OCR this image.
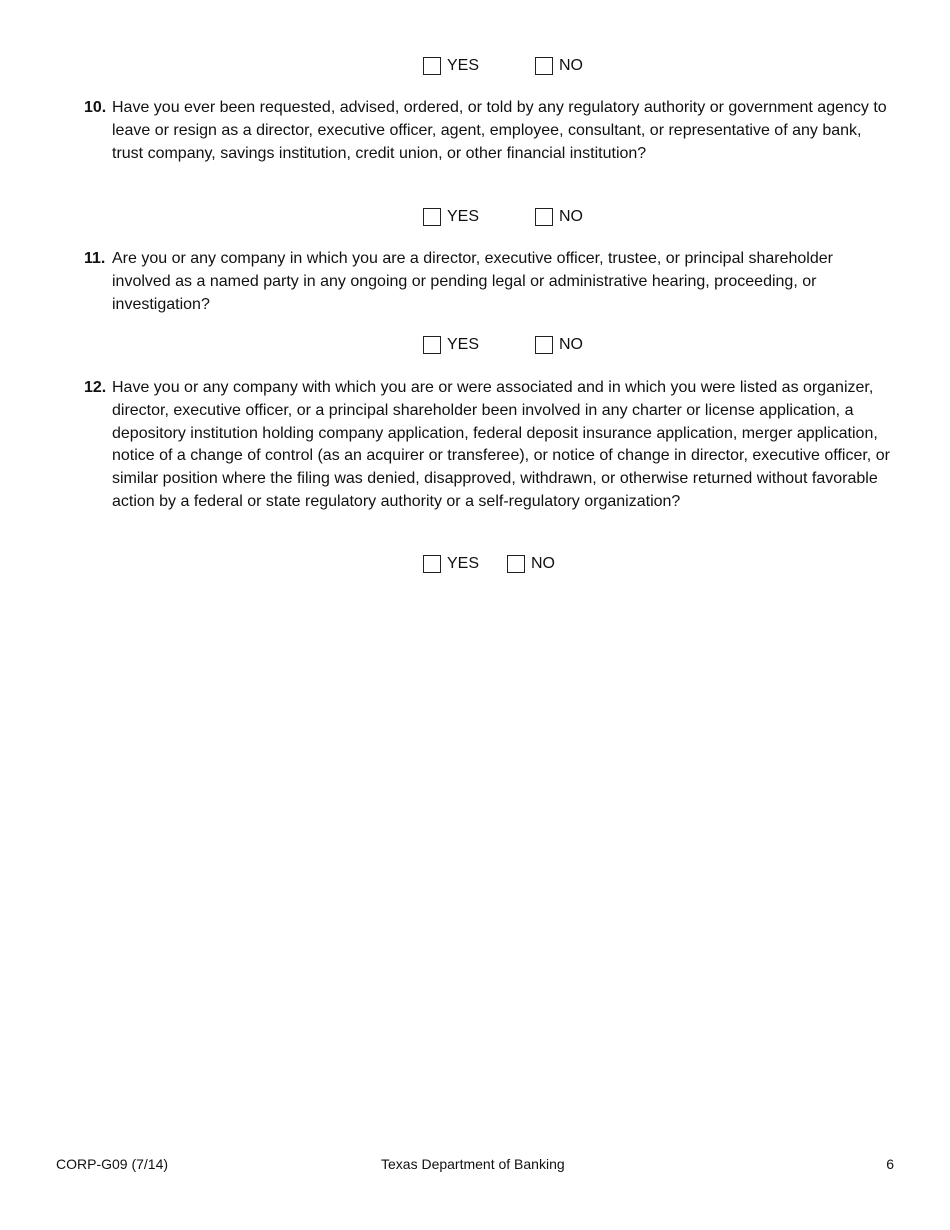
YES	NO
10. Have you ever been requested, advised, ordered, or told by any regulatory authority or government agency to leave or resign as a director, executive officer, agent, employee, consultant, or representative of any bank, trust company, savings institution, credit union, or other financial institution?
YES	NO
11. Are you or any company in which you are a director, executive officer, trustee, or principal shareholder involved as a named party in any ongoing or pending legal or administrative hearing, proceeding, or investigation?
YES	NO
12. Have you or any company with which you are or were associated and in which you were listed as organizer, director, executive officer, or a principal shareholder been involved in any charter or license application, a depository institution holding company application, federal deposit insurance application, merger application, notice of a change of control (as an acquirer or transferee), or notice of change in director, executive officer, or similar position where the filing was denied, disapproved, withdrawn, or otherwise returned without favorable action by a federal or state regulatory authority or a self-regulatory organization?
YES	NO
CORP-G09 (7/14)	Texas Department of Banking	6
